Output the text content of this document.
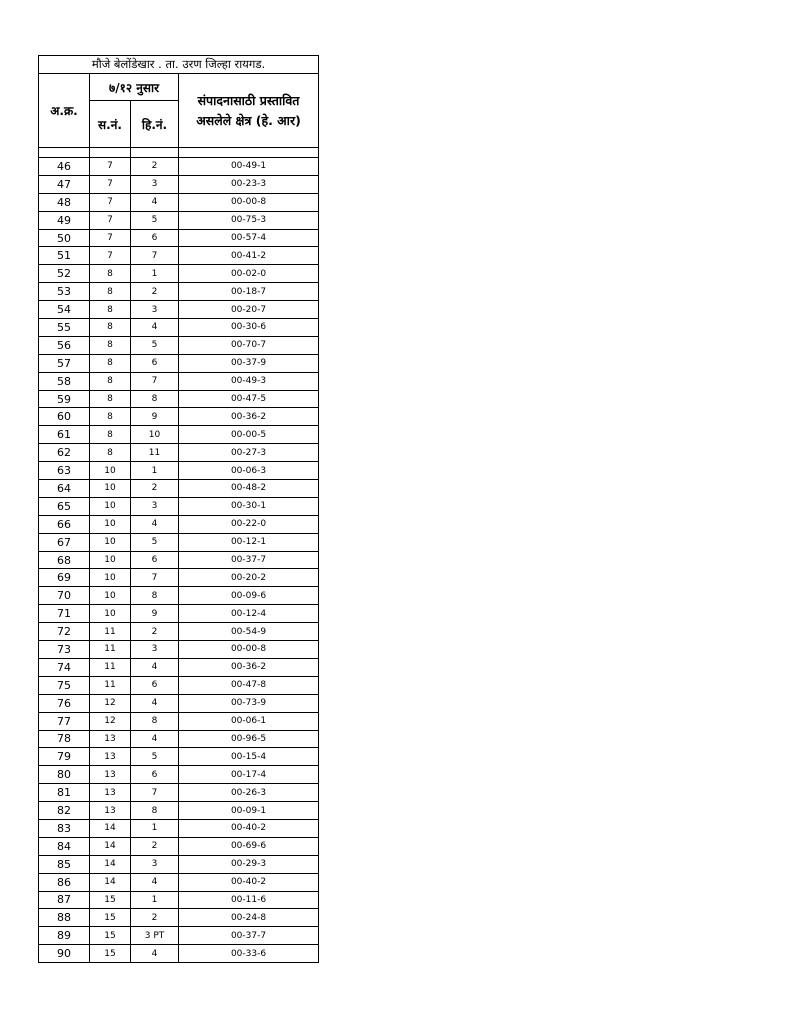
मौजे बेलोंडेखार . ता. उरण जिल्हा रायगड.			
अ.क्र.	७/१२ नुसार		संपादनासाठी प्रस्तावित
असलेले क्षेत्र (हे. आर)

	स.नं.	हि.नं.	

46	7	2	00-49-1
47	7	3	00-23-3
48	7	4	00-00-8
49	7	5	00-75-3
50	7	6	00-57-4
51	7	7	00-41-2
52	8	1	00-02-0
53	8	2	00-18-7
54	8	3	00-20-7
55	8	4	00-30-6
56	8	5	00-70-7
57	8	6	00-37-9
58	8	7	00-49-3
59	8	8	00-47-5
60	8	9	00-36-2
61	8	10	00-00-5
62	8	11	00-27-3
63	10	1	00-06-3
64	10	2	00-48-2
65	10	3	00-30-1
66	10	4	00-22-0
67	10	5	00-12-1
68	10	6	00-37-7
69	10	7	00-20-2
70	10	8	00-09-6
71	10	9	00-12-4
72	11	2	00-54-9
73	11	3	00-00-8
74	11	4	00-36-2
75	11	6	00-47-8
76	12	4	00-73-9
77	12	8	00-06-1
78	13	4	00-96-5
79	13	5	00-15-4
80	13	6	00-17-4
81	13	7	00-26-3
82	13	8	00-09-1
83	14	1	00-40-2
84	14	2	00-69-6
85	14	3	00-29-3
86	14	4	00-40-2
87	15	1	00-11-6
88	15	2	00-24-8
89	15	3 PT	00-37-7
90	15	4	00-33-6
